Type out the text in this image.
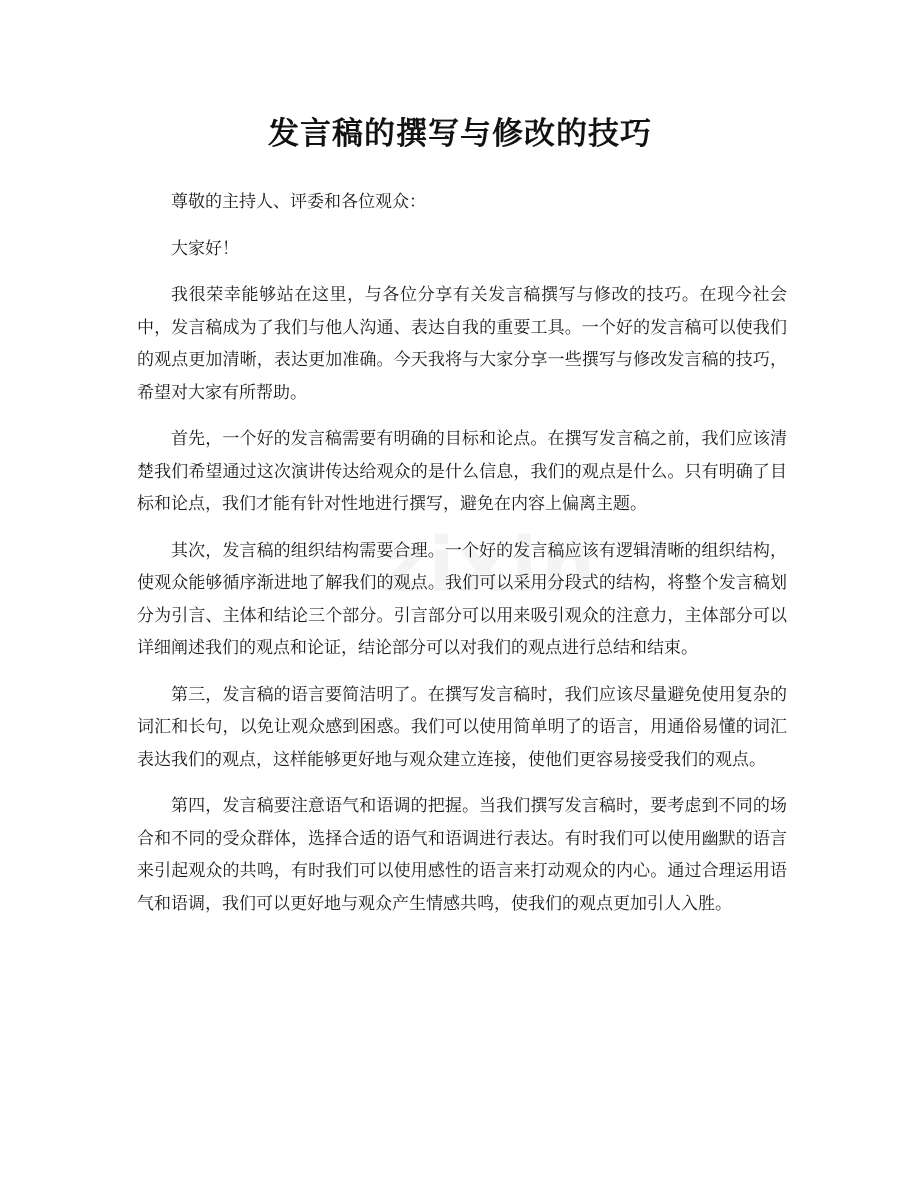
发言稿的撰写与修改的技巧

尊敬的主持人、评委和各位观众：

大家好！

我很荣幸能够站在这里，与各位分享有关发言稿撰写与修改的技巧。在现今社会中，发言稿成为了我们与他人沟通、表达自我的重要工具。一个好的发言稿可以使我们的观点更加清晰，表达更加准确。今天我将与大家分享一些撰写与修改发言稿的技巧，希望对大家有所帮助。

首先，一个好的发言稿需要有明确的目标和论点。在撰写发言稿之前，我们应该清楚我们希望通过这次演讲传达给观众的是什么信息，我们的观点是什么。只有明确了目标和论点，我们才能有针对性地进行撰写，避免在内容上偏离主题。

其次，发言稿的组织结构需要合理。一个好的发言稿应该有逻辑清晰的组织结构，使观众能够循序渐进地了解我们的观点。我们可以采用分段式的结构，将整个发言稿划分为引言、主体和结论三个部分。引言部分可以用来吸引观众的注意力，主体部分可以详细阐述我们的观点和论证，结论部分可以对我们的观点进行总结和结束。

第三，发言稿的语言要简洁明了。在撰写发言稿时，我们应该尽量避免使用复杂的词汇和长句，以免让观众感到困惑。我们可以使用简单明了的语言，用通俗易懂的词汇表达我们的观点，这样能够更好地与观众建立连接，使他们更容易接受我们的观点。

第四，发言稿要注意语气和语调的把握。当我们撰写发言稿时，要考虑到不同的场合和不同的受众群体，选择合适的语气和语调进行表达。有时我们可以使用幽默的语言来引起观众的共鸣，有时我们可以使用感性的语言来打动观众的内心。通过合理运用语气和语调，我们可以更好地与观众产生情感共鸣，使我们的观点更加引人入胜。
